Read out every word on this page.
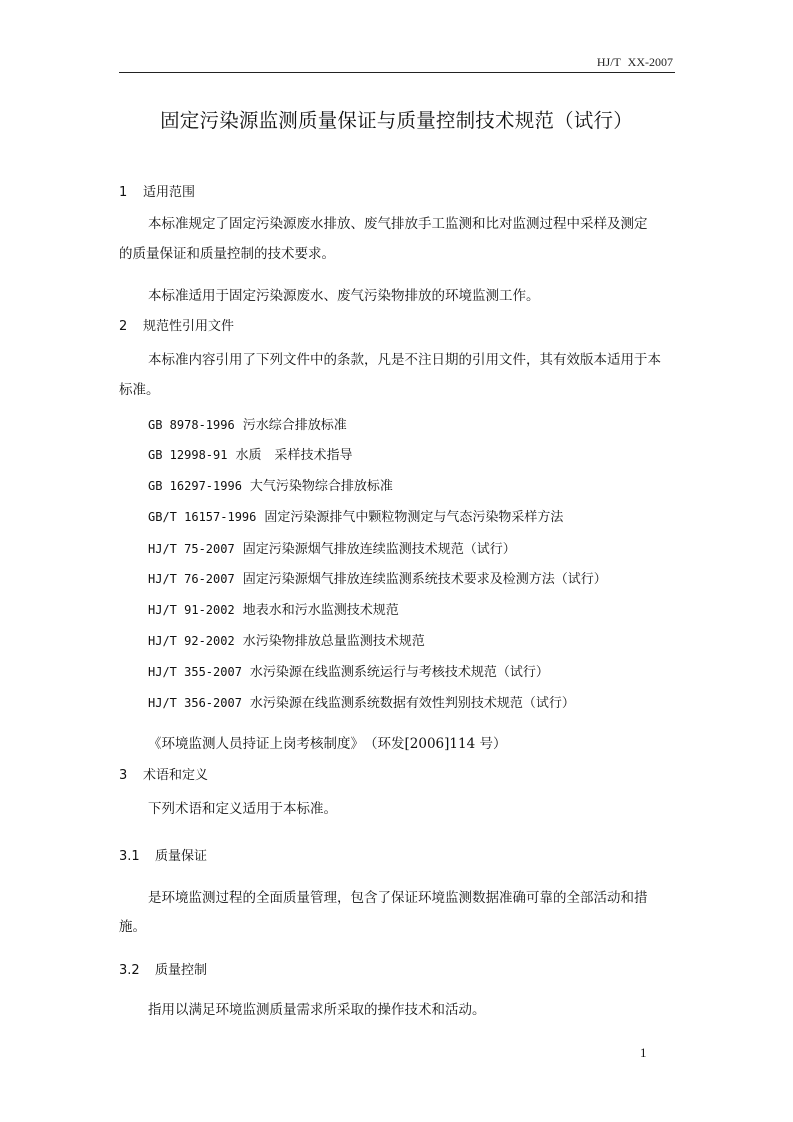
HJ/T XX-2007
固定污染源监测质量保证与质量控制技术规范（试行）
1 适用范围
本标准规定了固定污染源废水排放、废气排放手工监测和比对监测过程中采样及测定
的质量保证和质量控制的技术要求。
本标准适用于固定污染源废水、废气污染物排放的环境监测工作。
2 规范性引用文件
本标准内容引用了下列文件中的条款，凡是不注日期的引用文件，其有效版本适用于本
标准。
GB 8978-1996 污水综合排放标准
GB 12998-91 水质　采样技术指导
GB 16297-1996 大气污染物综合排放标准
GB/T 16157-1996 固定污染源排气中颗粒物测定与气态污染物采样方法
HJ/T 75-2007 固定污染源烟气排放连续监测技术规范（试行）
HJ/T 76-2007 固定污染源烟气排放连续监测系统技术要求及检测方法（试行）
HJ/T 91-2002 地表水和污水监测技术规范
HJ/T 92-2002 水污染物排放总量监测技术规范
HJ/T 355-2007 水污染源在线监测系统运行与考核技术规范（试行）
HJ/T 356-2007 水污染源在线监测系统数据有效性判别技术规范（试行）
《环境监测人员持证上岗考核制度》　（环发[2006]114 号）
3 术语和定义
下列术语和定义适用于本标准。
3.1 质量保证
是环境监测过程的全面质量管理，包含了保证环境监测数据准确可靠的全部活动和措
施。
3.2 质量控制
指用以满足环境监测质量需求所采取的操作技术和活动。
1
